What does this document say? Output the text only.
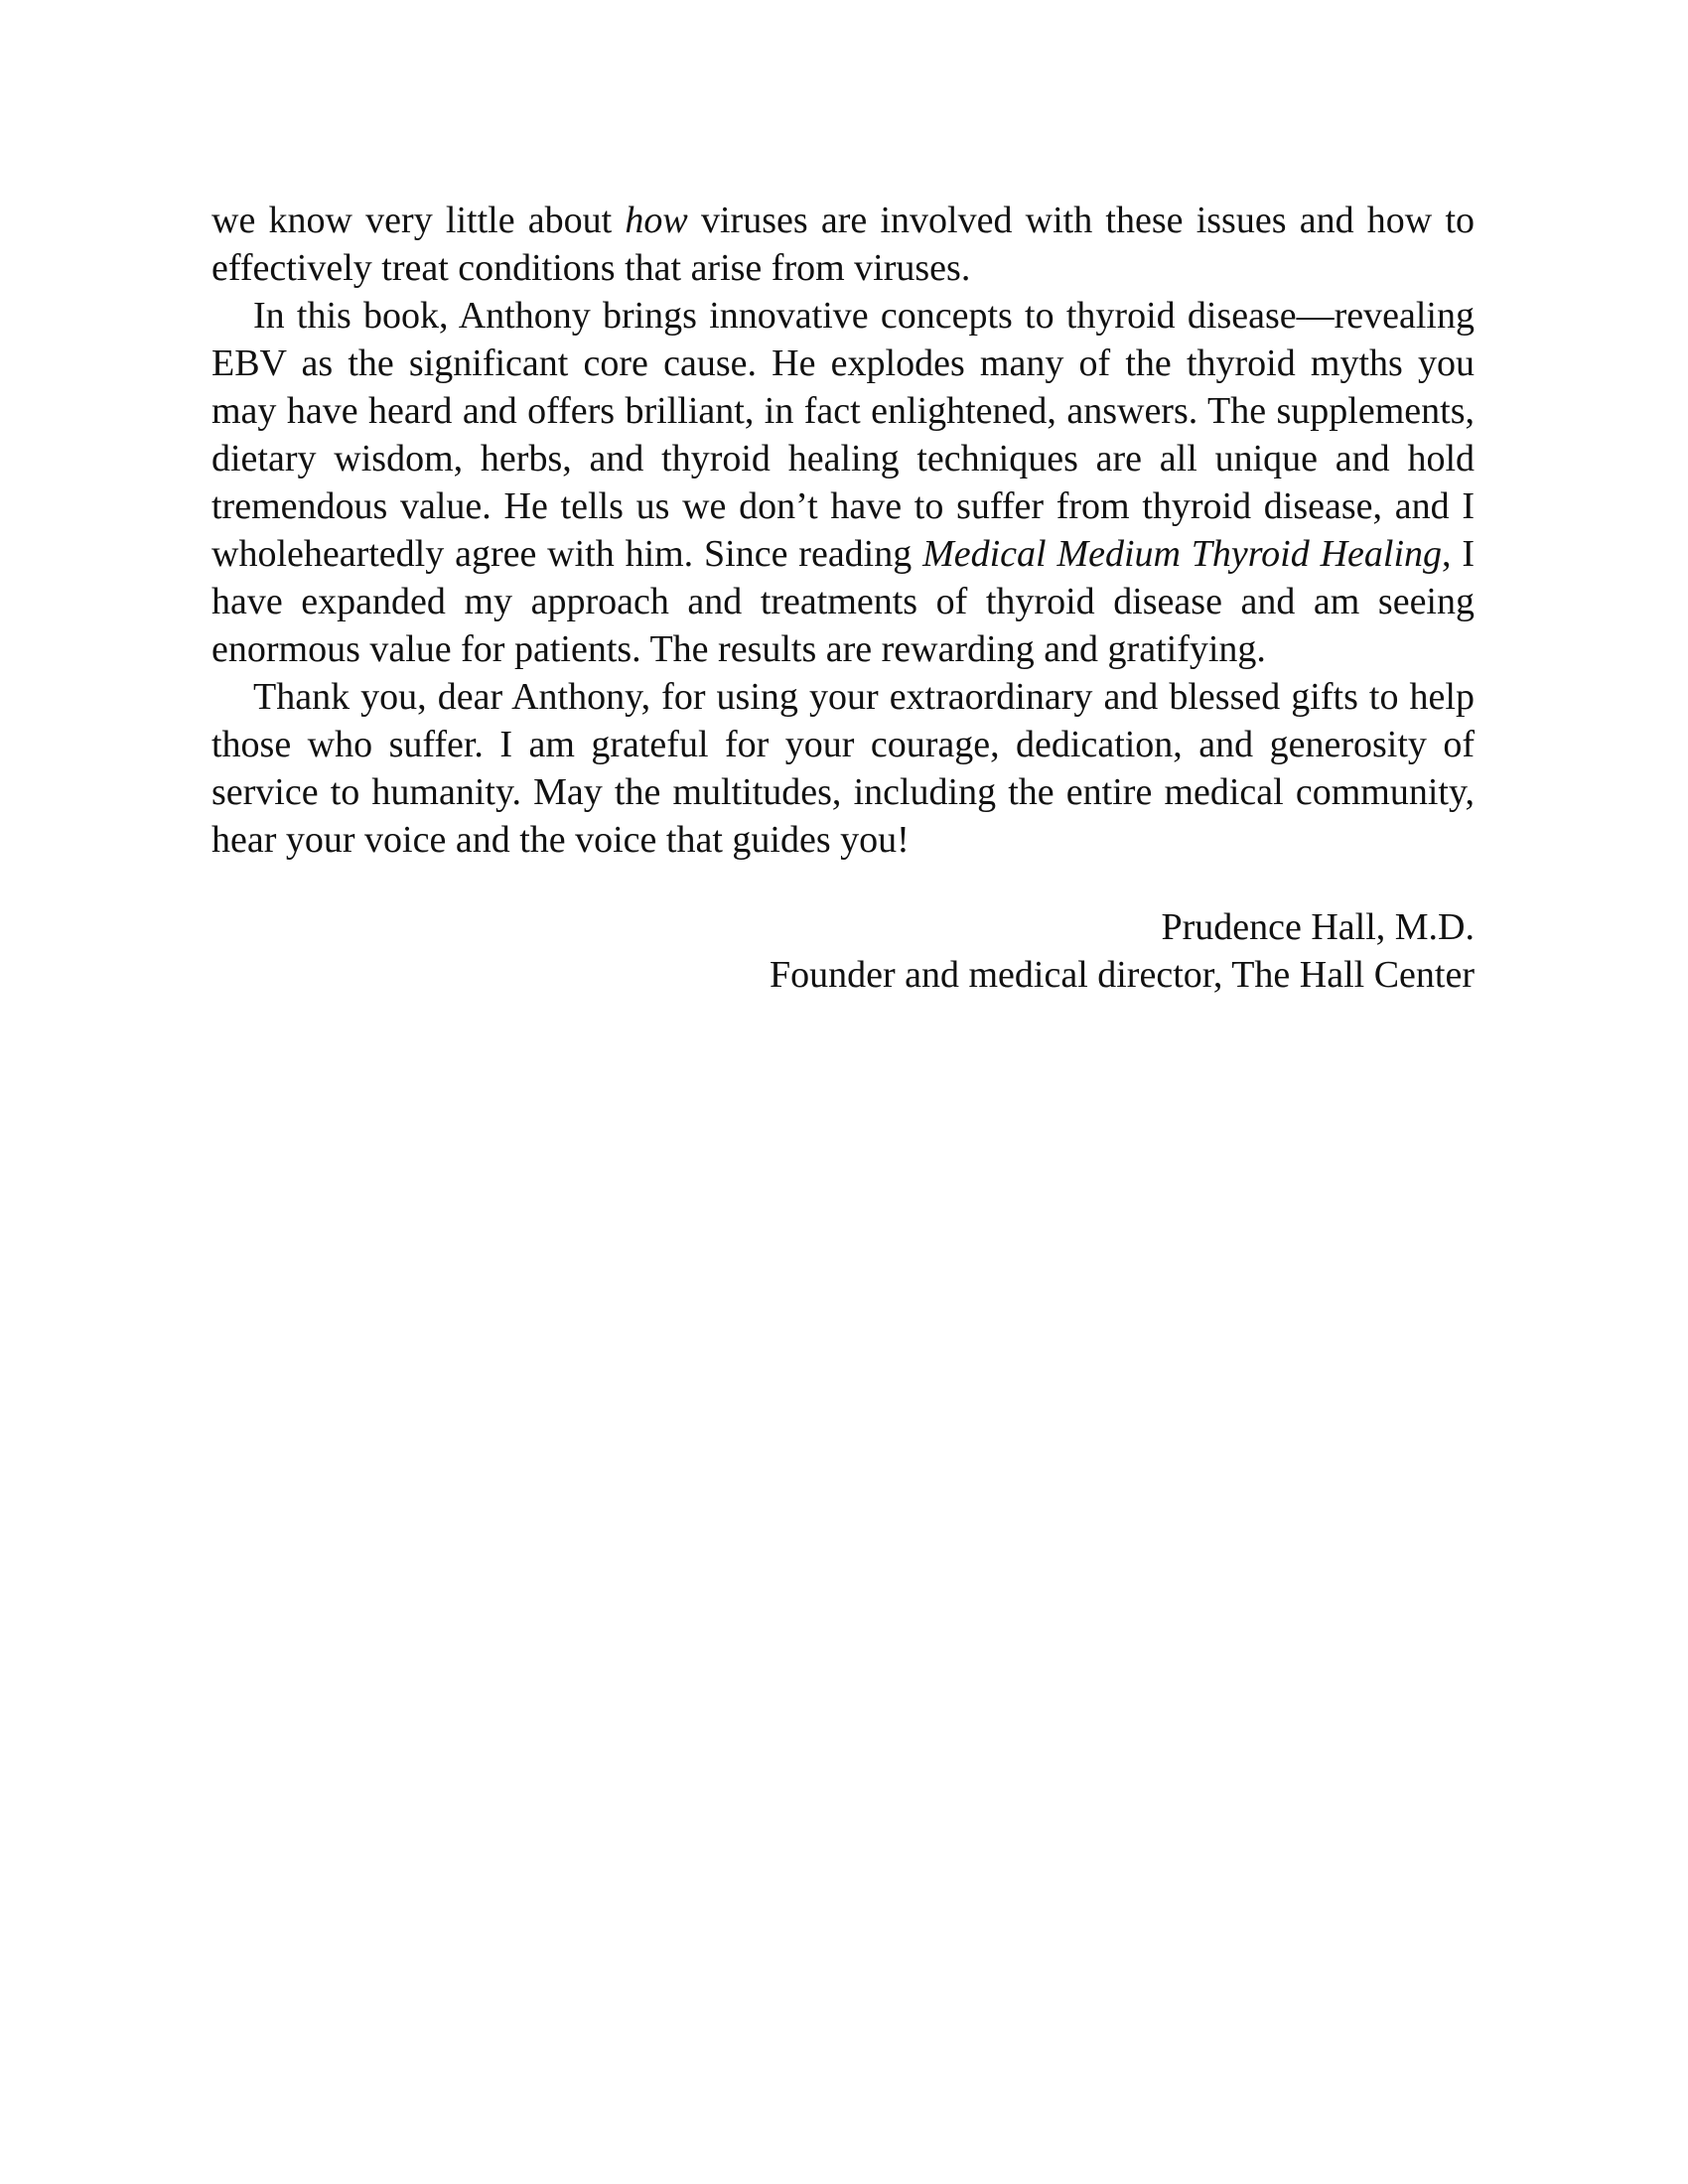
we know very little about how viruses are involved with these issues and how to effectively treat conditions that arise from viruses.

In this book, Anthony brings innovative concepts to thyroid disease—revealing EBV as the significant core cause. He explodes many of the thyroid myths you may have heard and offers brilliant, in fact enlightened, answers. The supplements, dietary wisdom, herbs, and thyroid healing techniques are all unique and hold tremendous value. He tells us we don’t have to suffer from thyroid disease, and I wholeheartedly agree with him. Since reading Medical Medium Thyroid Healing, I have expanded my approach and treatments of thyroid disease and am seeing enormous value for patients. The results are rewarding and gratifying.

Thank you, dear Anthony, for using your extraordinary and blessed gifts to help those who suffer. I am grateful for your courage, dedication, and generosity of service to humanity. May the multitudes, including the entire medical community, hear your voice and the voice that guides you!

Prudence Hall, M.D.
Founder and medical director, The Hall Center
